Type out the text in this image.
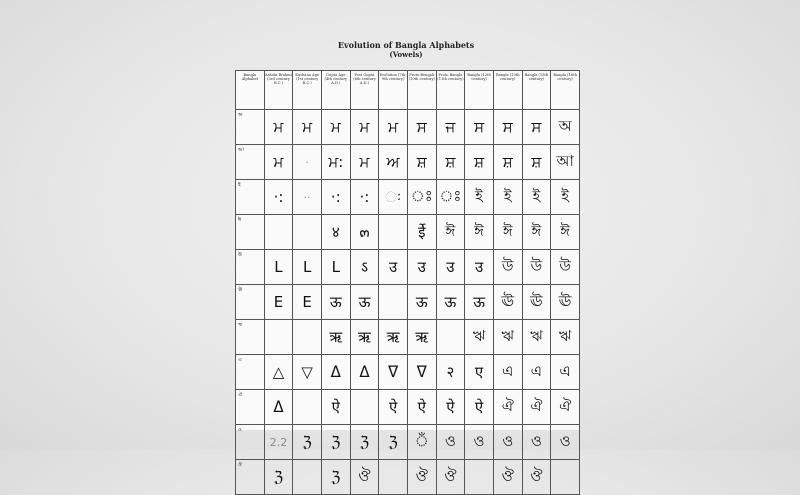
Evolution of Bangla Alphabets
(Vowels)
Bangla Alphabet	Ashoki Brahmi (3rd century B.C.)	Kushana Age (1st century B.C.)	Gupta Age (4th century A.D.)	Post Gupta (6th century A.D.)	Evolution (7th-9th century)	Proto-Bengali (10th century)	Proto Bangla (11th century)	Bangla (12th century)	Bangla (13th century)	Bangla (15th century)	Bangla (16th century)
অ	ਮ	ਮ	ਮ	ਮ	ਮ	ਸ	ਜ	ਸ	ਸ	ਸ	অ
আ	ਮ	·	ਮ:	ਮ	ਅ	ਸ਼	ਸ਼	ਸ਼	ਸ਼	ਸ਼	আ
ই	·:	··	·:	·:	ઃ	ঃ	ঃ	ই	ই	ই	ই
ঈ			४	๓		ईे	ঈ	ঈ	ঈ	ঈ	ঈ
উ	L	L	L	ऽ	उ	उ	उ	उ	উ	উ	উ
ঊ	E	E	ऊ	ऊ		ऊ	ऊ	ऊ	ঊ	ঊ	ঊ
ঋ			ऋ	ऋ	ऋ	ऋ		ঋ	ঋ	ঋ	ঋ
এ	△	▽	ᐃ	ᐃ	ᐁ	ᐁ	२	ए	এ	এ	এ
ঐ	ᐃ		ऐ		ऐ	ऐ	ऐ	ऐ	ঐ	ঐ	ঐ
ও	2.2	ℨ	ℨ	ℨ	ℨ	ঁ	ও	ও	ও	ও	ও
ঔ	ℨ		ℨ	ঔ		ঔ	ঔ		ঔ	ঔ	
